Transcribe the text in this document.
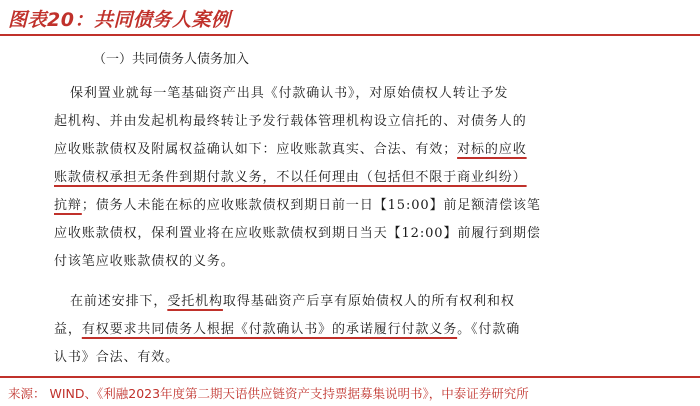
图表20：共同债务人案例
（一）共同债务人债务加入
保利置业就每一笔基础资产出具《付款确认书》，对原始债权人转让予发
起机构、并由发起机构最终转让予发行载体管理机构设立信托的、对债务人的
应收账款债权及附属权益确认如下：应收账款真实、合法、有效；对标的应收
账款债权承担无条件到期付款义务，不以任何理由（包括但不限于商业纠纷）
抗辩；债务人未能在标的应收账款债权到期日前一日【15:00】前足额清偿该笔
应收账款债权，保利置业将在应收账款债权到期日当天【12:00】前履行到期偿
付该笔应收账款债权的义务。
在前述安排下，受托机构取得基础资产后享有原始债权人的所有权利和权
益，有权要求共同债务人根据《付款确认书》的承诺履行付款义务。《付款确
认书》合法、有效。
来源： WIND、《利融2023年度第二期天语供应链资产支持票据募集说明书》，中泰证券研究所
